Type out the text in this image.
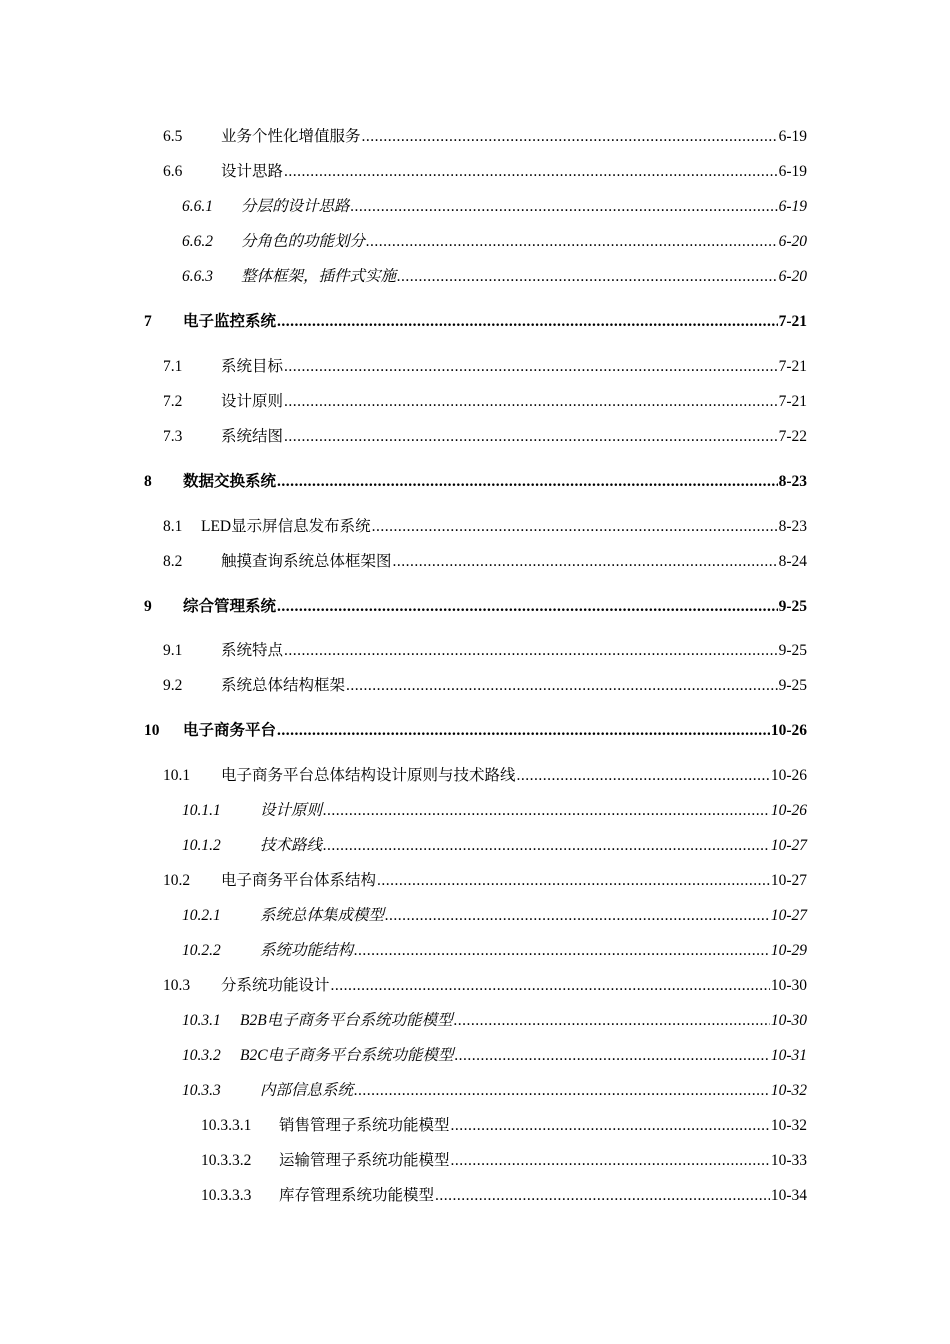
6.5	业务个性化增值服务 .....	6-19
6.6	设计思路 .....	6-19
6.6.1	分层的设计思路 .....	6-19
6.6.2	分角色的功能划分 .....	6-20
6.6.3	整体框架，插件式实施 .....	6-20
7	电子监控系统 .....	7-21
7.1	系统目标 .....	7-21
7.2	设计原则 .....	7-21
7.3	系统结图 .....	7-22
8	数据交换系统 .....	8-23
8.1	LED显示屏信息发布系统 .....	8-23
8.2	触摸查询系统总体框架图 .....	8-24
9	综合管理系统 .....	9-25
9.1	系统特点 .....	9-25
9.2	系统总体结构框架 .....	9-25
10	电子商务平台 .....	10-26
10.1	电子商务平台总体结构设计原则与技术路线 .....	10-26
10.1.1	设计原则 .....	10-26
10.1.2	技术路线 .....	10-27
10.2	电子商务平台体系结构 .....	10-27
10.2.1	系统总体集成模型 .....	10-27
10.2.2	系统功能结构 .....	10-29
10.3	分系统功能设计 .....	10-30
10.3.1	B2B电子商务平台系统功能模型 .....	10-30
10.3.2	B2C电子商务平台系统功能模型 .....	10-31
10.3.3	内部信息系统 .....	10-32
10.3.3.1	销售管理子系统功能模型 .....	10-32
10.3.3.2	运输管理子系统功能模型 .....	10-33
10.3.3.3	库存管理系统功能模型 .....	10-34
